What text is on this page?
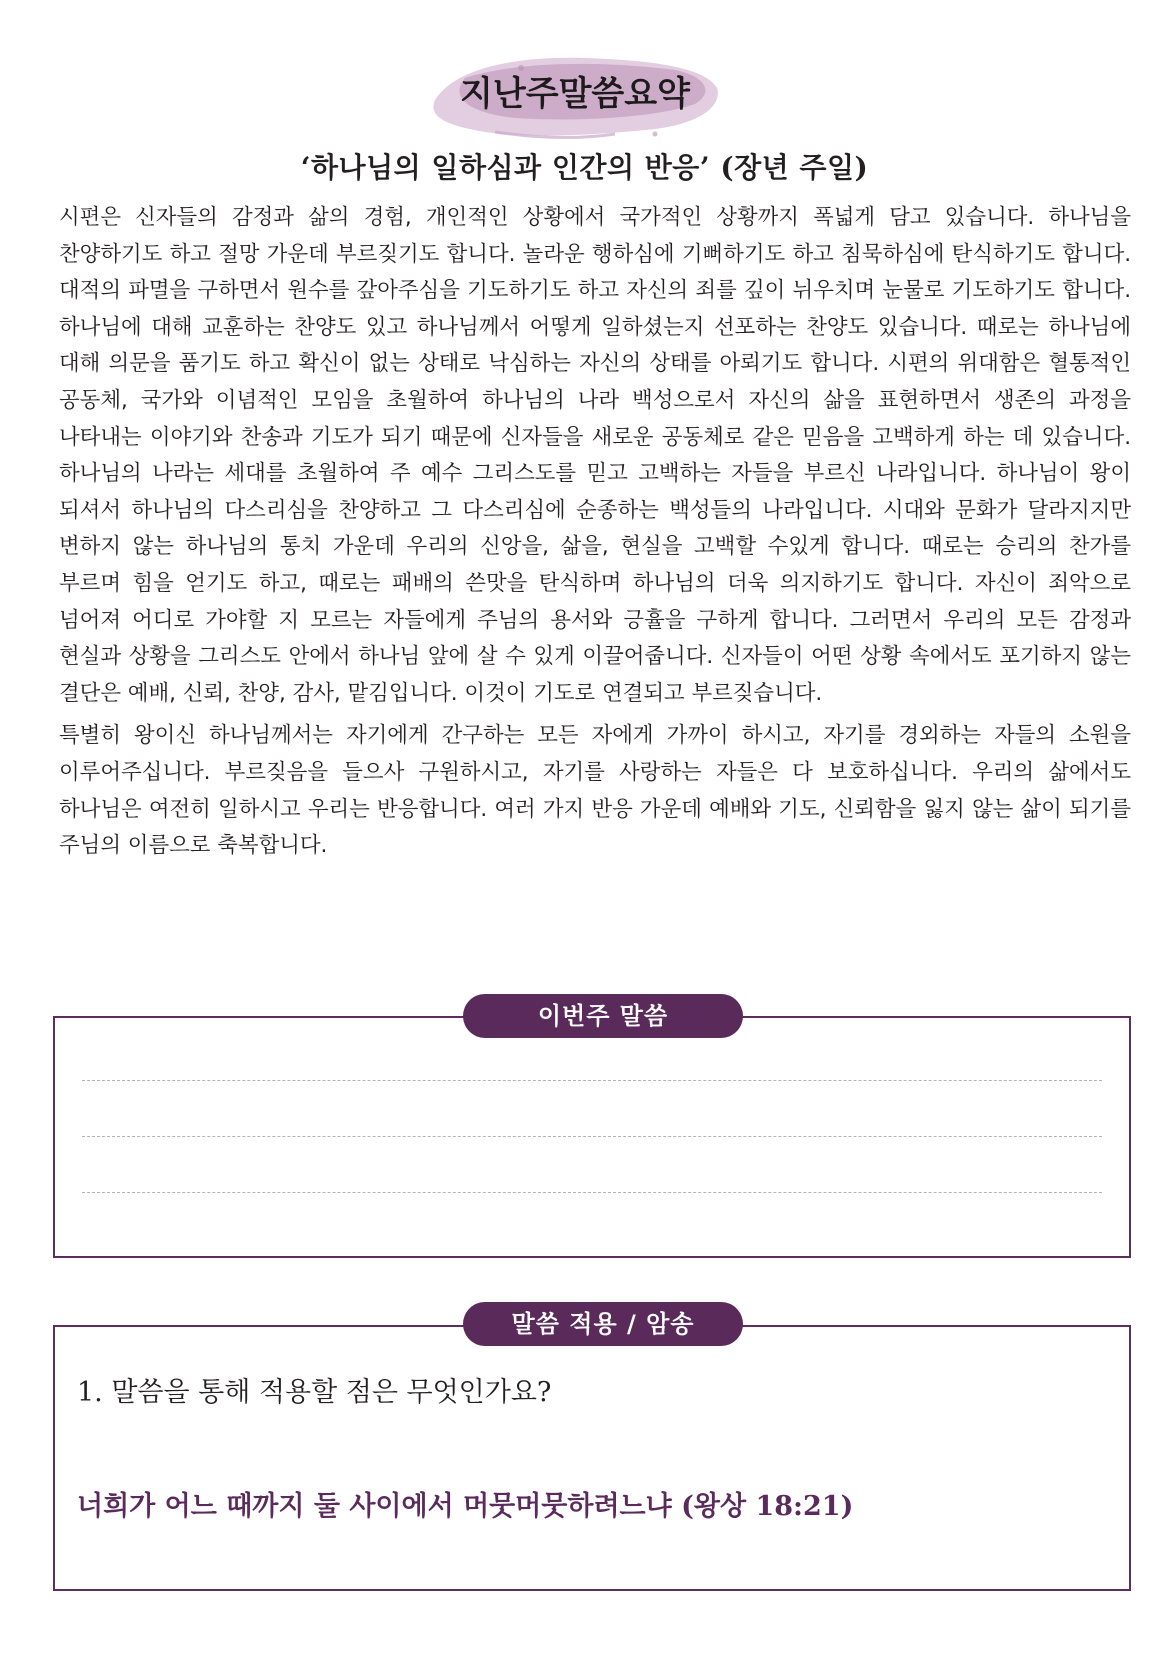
지난주말씀요약
‘하나님의 일하심과 인간의 반응’ (장년 주일)

시편은 신자들의 감정과 삶의 경험, 개인적인 상황에서 국가적인 상황까지 폭넓게 담고 있습니다. 하나님을 찬양하기도 하고 절망 가운데 부르짖기도 합니다. 놀라운 행하심에 기뻐하기도 하고 침묵하심에 탄식하기도 합니다. 대적의 파멸을 구하면서 원수를 갚아주심을 기도하기도 하고 자신의 죄를 깊이 뉘우치며 눈물로 기도하기도 합니다. 하나님에 대해 교훈하는 찬양도 있고 하나님께서 어떻게 일하셨는지 선포하는 찬양도 있습니다. 때로는 하나님에 대해 의문을 품기도 하고 확신이 없는 상태로 낙심하는 자신의 상태를 아뢰기도 합니다. 시편의 위대함은 혈통적인 공동체, 국가와 이념적인 모임을 초월하여 하나님의 나라 백성으로서 자신의 삶을 표현하면서 생존의 과정을 나타내는 이야기와 찬송과 기도가 되기 때문에 신자들을 새로운 공동체로 같은 믿음을 고백하게 하는 데 있습니다. 하나님의 나라는 세대를 초월하여 주 예수 그리스도를 믿고 고백하는 자들을 부르신 나라입니다. 하나님이 왕이 되셔서 하나님의 다스리심을 찬양하고 그 다스리심에 순종하는 백성들의 나라입니다. 시대와 문화가 달라지지만 변하지 않는 하나님의 통치 가운데 우리의 신앙을, 삶을, 현실을 고백할 수있게 합니다. 때로는 승리의 찬가를 부르며 힘을 얻기도 하고, 때로는 패배의 쓴맛을 탄식하며 하나님의 더욱 의지하기도 합니다. 자신이 죄악으로 넘어져 어디로 가야할 지 모르는 자들에게 주님의 용서와 긍휼을 구하게 합니다. 그러면서 우리의 모든 감정과 현실과 상황을 그리스도 안에서 하나님 앞에 살 수 있게 이끌어줍니다. 신자들이 어떤 상황 속에서도 포기하지 않는 결단은 예배, 신뢰, 찬양, 감사, 맡김입니다. 이것이 기도로 연결되고 부르짖습니다.

특별히 왕이신 하나님께서는 자기에게 간구하는 모든 자에게 가까이 하시고, 자기를 경외하는 자들의 소원을 이루어주십니다. 부르짖음을 들으사 구원하시고, 자기를 사랑하는 자들은 다 보호하십니다. 우리의 삶에서도 하나님은 여전히 일하시고 우리는 반응합니다. 여러 가지 반응 가운데 예배와 기도, 신뢰함을 잃지 않는 삶이 되기를 주님의 이름으로 축복합니다.

이번주 말씀
말씀 적용 / 암송
1. 말씀을 통해 적용할 점은 무엇인가요?
너희가 어느 때까지 둘 사이에서 머뭇머뭇하려느냐 (왕상 18:21)
